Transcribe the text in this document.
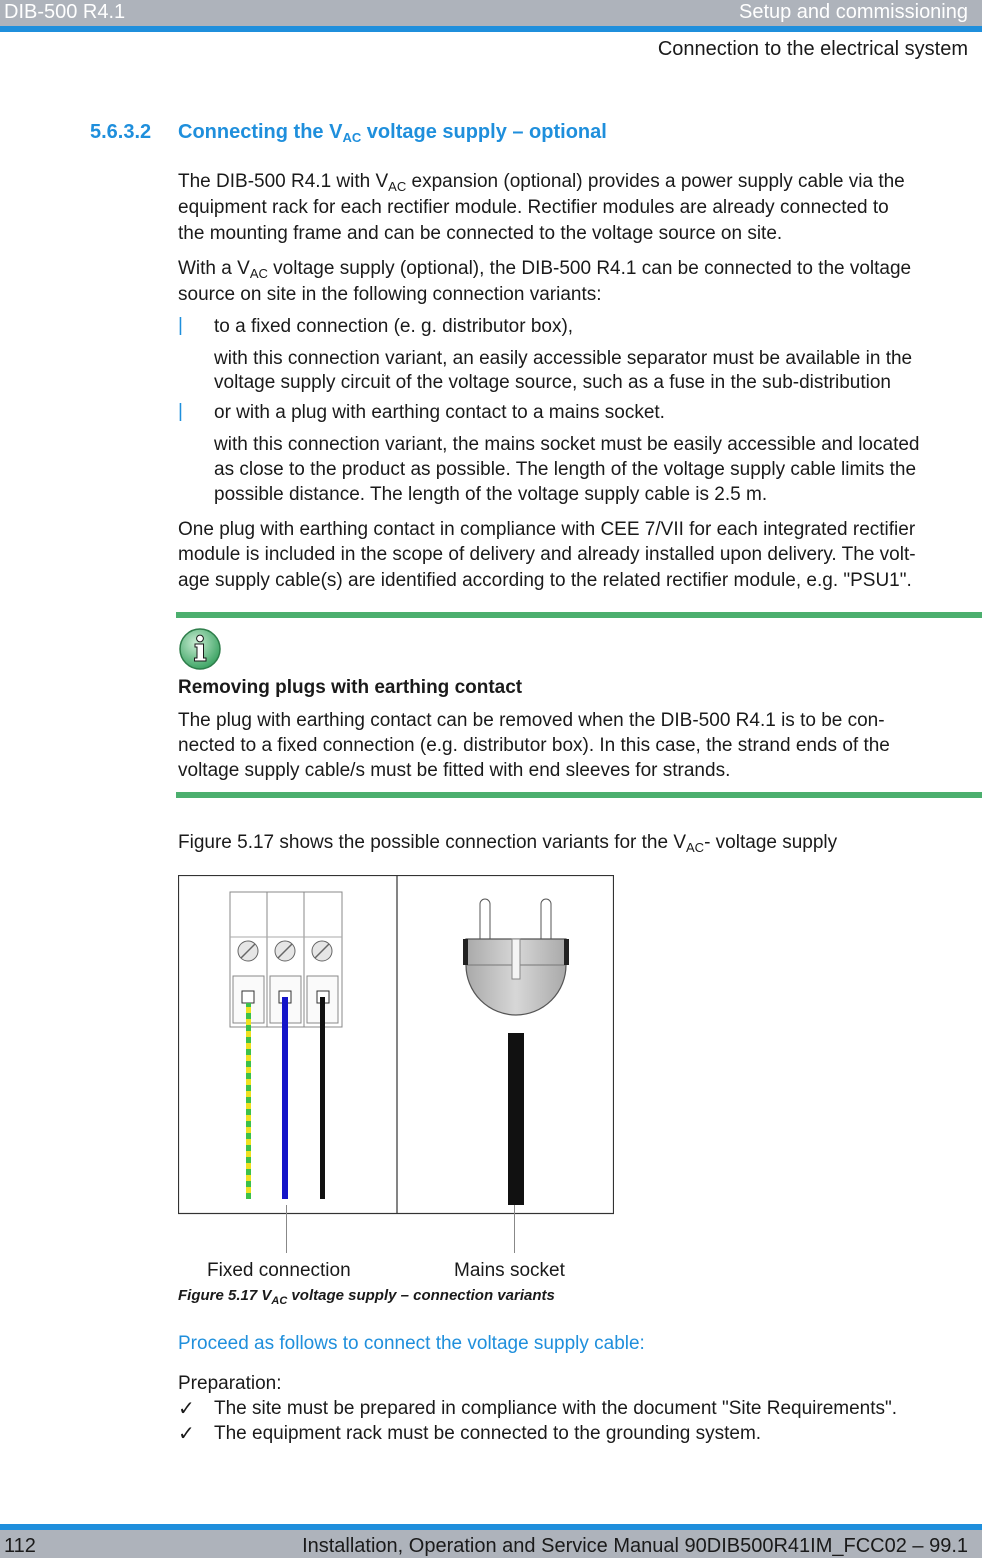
DIB-500 R4.1	Setup and commissioning
Connection to the electrical system
5.6.3.2 Connecting the $V_{AC}$ voltage supply – optional
The DIB-500 R4.1 with $V_{AC}$ expansion (optional) provides a power supply cable via the
equipment rack for each rectifier module. Rectifier modules are already connected to
the mounting frame and can be connected to the voltage source on site.
With a $V_{AC}$ voltage supply (optional), the DIB-500 R4.1 can be connected to the voltage
source on site in the following connection variants:
| to a fixed connection (e. g. distributor box),
with this connection variant, an easily accessible separator must be available in the
voltage supply circuit of the voltage source, such as a fuse in the sub-distribution
| or with a plug with earthing contact to a mains socket.
with this connection variant, the mains socket must be easily accessible and located
as close to the product as possible. The length of the voltage supply cable limits the
possible distance. The length of the voltage supply cable is 2.5 m.
One plug with earthing contact in compliance with CEE 7/VII for each integrated rectifier
module is included in the scope of delivery and already installed upon delivery. The volt-
age supply cable(s) are identified according to the related rectifier module, e.g. "PSU1".
Removing plugs with earthing contact
The plug with earthing contact can be removed when the DIB-500 R4.1 is to be con-
nected to a fixed connection (e.g. distributor box). In this case, the strand ends of the
voltage supply cable/s must be fitted with end sleeves for strands.
Figure 5.17 shows the possible connection variants for the $V_{AC}-$ voltage supply
Fixed connection	Mains socket
Figure 5.17 $V_{AC}$ voltage supply – connection variants
Proceed as follows to connect the voltage supply cable:
Preparation:
✓ The site must be prepared in compliance with the document "Site Requirements".
✓ The equipment rack must be connected to the grounding system.
112	Installation, Operation and Service Manual 90DIB500R41IM_FCC02 – 99.1
